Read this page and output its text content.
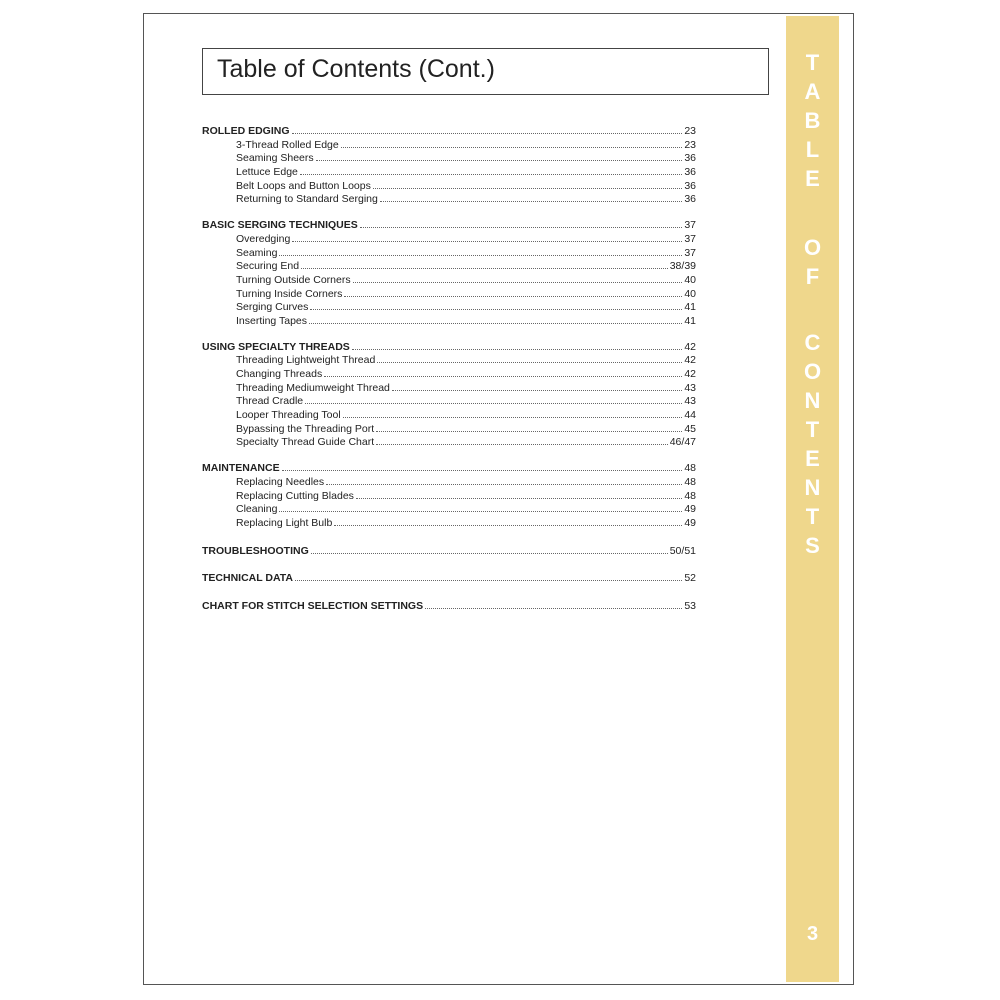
Table of Contents (Cont.)
ROLLED EDGING	23
3-Thread Rolled Edge	23
Seaming Sheers	36
Lettuce Edge	36
Belt Loops and Button Loops	36
Returning to Standard Serging	36
BASIC SERGING TECHNIQUES	37
Overedging	37
Seaming	37
Securing End	38/39
Turning Outside Corners	40
Turning Inside Corners	40
Serging Curves	41
Inserting Tapes	41
USING SPECIALTY THREADS	42
Threading Lightweight Thread	42
Changing Threads	42
Threading Mediumweight Thread	43
Thread Cradle	43
Looper Threading Tool	44
Bypassing the Threading Port	45
Specialty Thread Guide Chart	46/47
MAINTENANCE	48
Replacing Needles	48
Replacing Cutting Blades	48
Cleaning	49
Replacing Light Bulb	49
TROUBLESHOOTING	50/51
TECHNICAL DATA	52
CHART FOR STITCH SELECTION SETTINGS	53
3
T
A
B
L
E
O
F
C
O
N
T
E
N
T
S
